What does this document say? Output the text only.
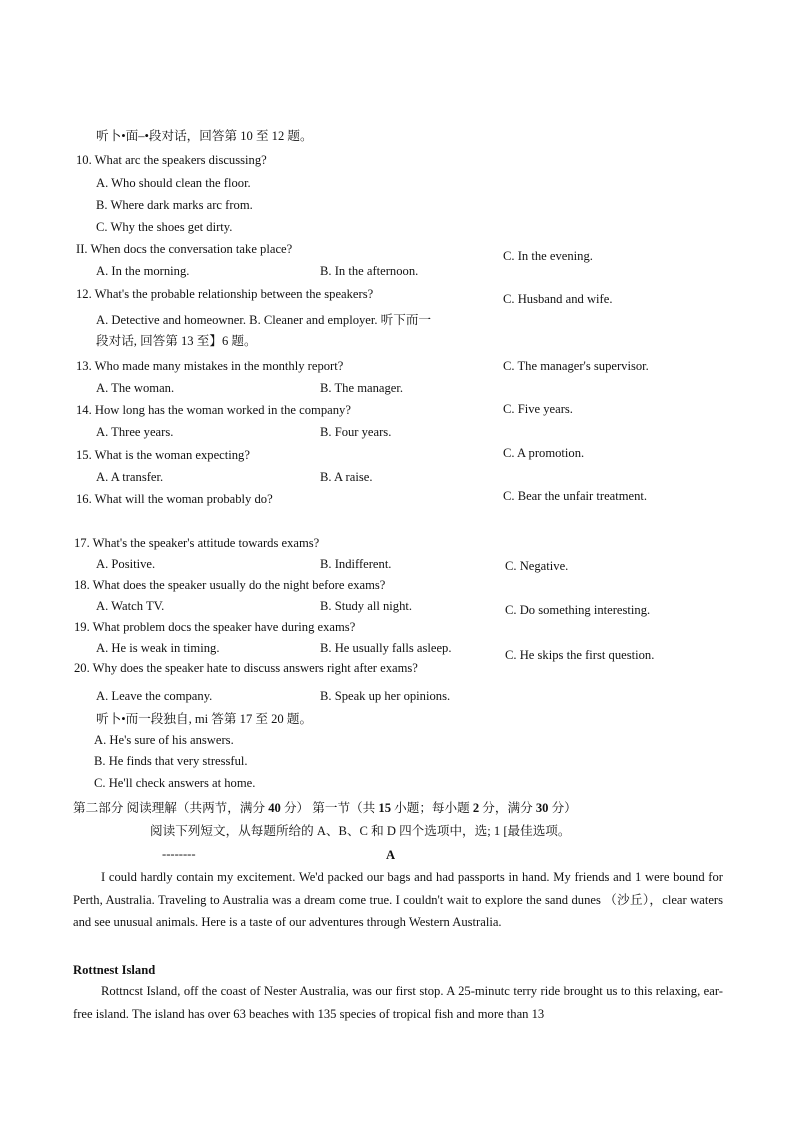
听卜•面–•段对话，回答第 10 至 12 题。
10. What arc the speakers discussing?
A. Who should clean the floor.
B. Where dark marks arc from.
C. Why the shoes get dirty.
II. When docs the conversation take place?
A. In the morning.	B. In the afternoon.
C. In the evening.
12. What's the probable relationship between the speakers?	C. Husband and wife.
A. Detective and homeowner. B. Cleaner and employer. 听下而一
段对话, 回答第 13 至】6 题。
13. Who made many mistakes in the monthly report?
A. The woman.	B. The manager.
C. The manager's supervisor.
14. How long has the woman worked in the company?
A. Three years.	B. Four years.
C. Five years.
15. What is the woman expecting?
A. A transfer.	B. A raise.
C. A promotion.
16. What will the woman probably do?	C. Bear the unfair treatment.
17. What's the speaker's attitude towards exams?
A. Positive.	B. Indifferent.	C. Negative.
18. What does the speaker usually do the night before exams?
A. Watch TV.	B. Study all night.	C. Do something interesting.
19. What problem docs the speaker have during exams?
A. He is weak in timing.	B. He usually falls asleep.	C. He skips the first question.
20. Why does the speaker hate to discuss answers right after exams?
A. Leave the company.	B. Speak up her opinions.
听卜•而一段独自, mi 答第 17 至 20 题。
A. He's sure of his answers.
B. He finds that very stressful.
C. He'll check answers at home.
第二部分 阅读理解（共两节，满分 40 分） 第一节（共 15 小题；每小题 2 分，满分 30 分）
阅读下列短文，从每题所给的 A、B、C 和 D 四个选项中，选; 1 [最佳选项。
--------	A
I could hardly contain my excitement. We'd packed our bags and had passports in hand. My friends and 1 were bound for Perth, Australia. Traveling to Australia was a dream come true. I couldn't wait to explore the sand dunes （沙丘），clear waters and see unusual animals. Here is a taste of our adventures through Western Australia.
Rottnest Island
Rottncst Island, off the coast of Nester Australia, was our first stop. A 25-minutc terry ride brought us to this relaxing, ear-free island. The island has over 63 beaches with 135 species of tropical fish and more than 13
